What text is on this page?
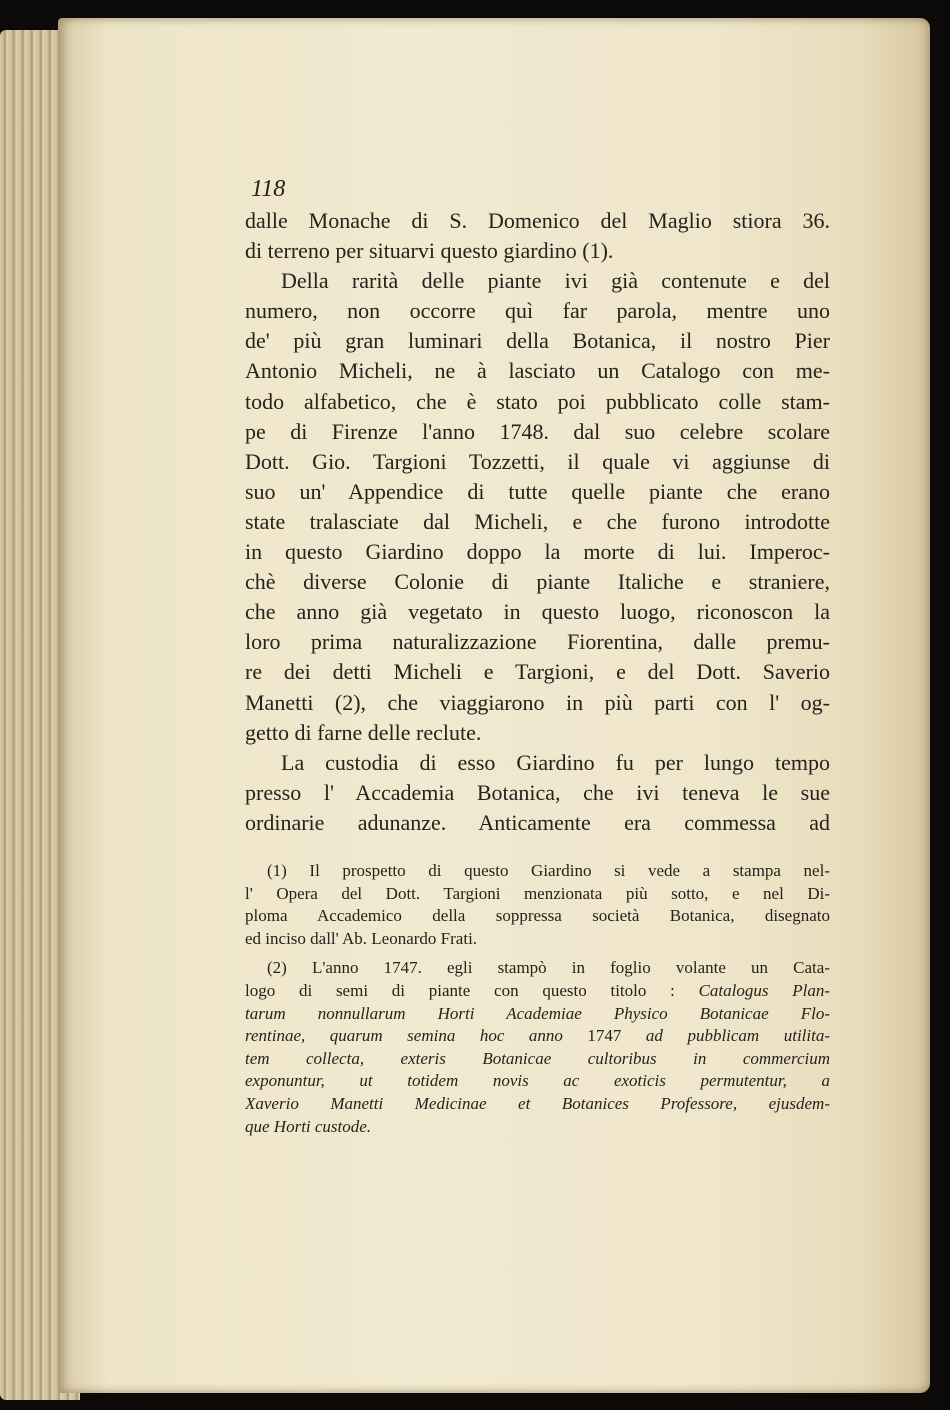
118
dalle Monache di S. Domenico del Maglio stiora 36.
di terreno per situarvi questo giardino (1).
Della rarità delle piante ivi già contenute e del
numero, non occorre quì far parola, mentre uno
de' più gran luminari della Botanica, il nostro Pier
Antonio Micheli, ne à lasciato un Catalogo con me-
todo alfabetico, che è stato poi pubblicato colle stam-
pe di Firenze l'anno 1748. dal suo celebre scolare
Dott. Gio. Targioni Tozzetti, il quale vi aggiunse di
suo un' Appendice di tutte quelle piante che erano
state tralasciate dal Micheli, e che furono introdotte
in questo Giardino doppo la morte di lui. Imperoc-
chè diverse Colonie di piante Italiche e straniere,
che anno già vegetato in questo luogo, riconoscon la
loro prima naturalizzazione Fiorentina, dalle premu-
re dei detti Micheli e Targioni, e del Dott. Saverio
Manetti (2), che viaggiarono in più parti con l' og-
getto di farne delle reclute.
La custodia di esso Giardino fu per lungo tempo
presso l' Accademia Botanica, che ivi teneva le sue
ordinarie adunanze. Anticamente era commessa ad
(1) Il prospetto di questo Giardino si vede a stampa nel-
l' Opera del Dott. Targioni menzionata più sotto, e nel Di-
ploma Accademico della soppressa società Botanica, disegnato
ed inciso dall' Ab. Leonardo Frati.
(2) L'anno 1747. egli stampò in foglio volante un Cata-
logo di semi di piante con questo titolo : Catalogus Plan-
tarum nonnullarum Horti Academiae Physico Botanicae Flo-
rentinae, quarum semina hoc anno 1747 ad pubblicam utilita-
tem collecta, exteris Botanicae cultoribus in commercium
exponuntur, ut totidem novis ac exoticis permutentur, a
Xaverio Manetti Medicinae et Botanices Professore, ejusdem-
que Horti custode.
